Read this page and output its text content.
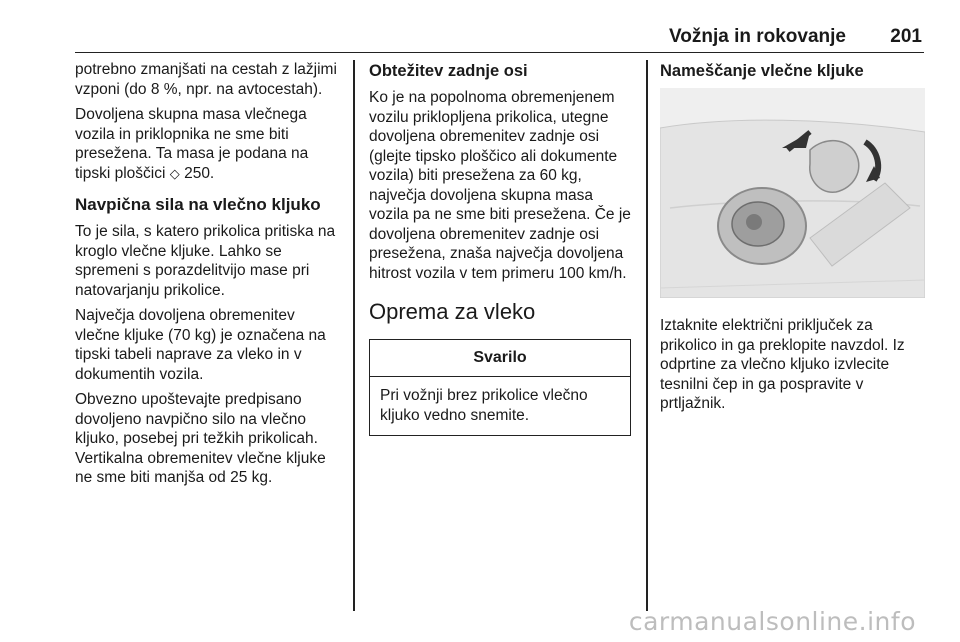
Vožnja in rokovanje 201

potrebno zmanjšati na cestah z lažjimi vzponi (do 8 %, npr. na avtocestah).

Dovoljena skupna masa vlečnega vozila in priklopnika ne sme biti presežena. Ta masa je podana na tipski ploščici ◇ 250.

Navpična sila na vlečno kljuko

To je sila, s katero prikolica pritiska na kroglo vlečne kljuke. Lahko se spremeni s porazdelitvijo mase pri natovarjanju prikolice.

Največja dovoljena obremenitev vlečne kljuke (70 kg) je označena na tipski tabeli naprave za vleko in v dokumentih vozila.

Obvezno upoštevajte predpisano dovoljeno navpično silo na vlečno kljuko, posebej pri težkih prikolicah. Vertikalna obremenitev vlečne kljuke ne sme biti manjša od 25 kg.

Obtežitev zadnje osi

Ko je na popolnoma obremenjenem vozilu priklopljena prikolica, utegne dovoljena obremenitev zadnje osi (glejte tipsko ploščico ali dokumente vozila) biti presežena za 60 kg, največja dovoljena skupna masa vozila pa ne sme biti presežena. Če je dovoljena obremenitev zadnje osi presežena, znaša največja dovoljena hitrost vozila v tem primeru 100 km/h.

Oprema za vleko
Svarilo
Pri vožnji brez prikolice vlečno kljuko vedno snemite.
Nameščanje vlečne kljuke

Iztaknite električni priključek za prikolico in ga preklopite navzdol. Iz odprtine za vlečno kljuko izvlecite tesnilni čep in ga pospravite v prtljažnik.

carmanualsonline.info
